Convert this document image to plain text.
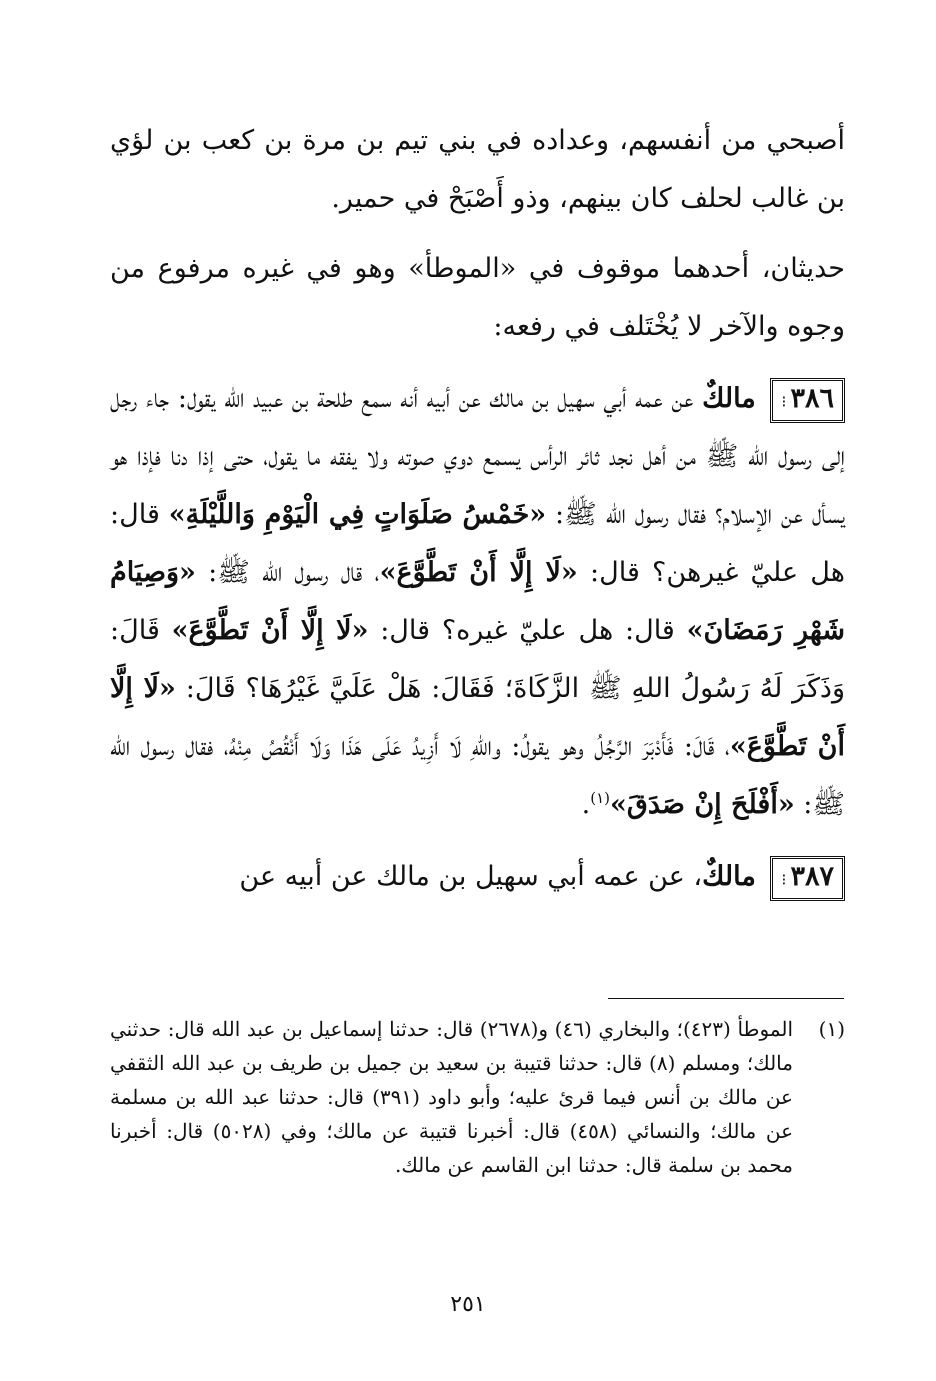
أصبحي من أنفسهم، وعداده في بني تيم بن مرة بن كعب بن لؤي بن غالب لحلف كان بينهم، وذو أَصْبَحْ في حمير.

حديثان، أحدهما موقوف في «الموطأ» وهو في غيره مرفوع من وجوه والآخر لا يُخْتَلف في رفعه:

٣٨٦⁝ مالكٌ عن عمه أبي سهيل بن مالك عن أبيه أنه سمع طلحة بن عبيد الله يقول: جاء رجل إلى رسول الله ﷺ من أهل نجد ثائر الرأس يسمع دوي صوته ولا يفقه ما يقول، حتى إذا دنا فإذا هو يسأل عن الإسلام؟ فقال رسول الله ﷺ: «خَمْسُ صَلَوَاتٍ فِي الْيَوْمِ وَاللَّيْلَةِ» قال: هل عليّ غيرهن؟ قال: «لَا إِلَّا أَنْ تَطَّوَّعَ»، قال رسول الله ﷺ: «وَصِيَامُ شَهْرِ رَمَضَانَ» قال: هل عليّ غيره؟ قال: «لَا إِلَّا أَنْ تَطَّوَّعَ» قَالَ: وَذَكَرَ لَهُ رَسُولُ اللهِ ﷺ الزَّكَاةَ؛ فَقَالَ: هَلْ عَلَيَّ غَيْرُهَا؟ قَالَ: «لَا إِلَّا أَنْ تَطَّوَّعَ»، قَالَ: فَأَدْبَرَ الرَّجُلُ وهو يقولُ: واللهِ لَا أَزِيدُ عَلَى هَذَا وَلَا أَنْقُصُ مِنْهُ، فقال رسول الله ﷺ: «أَفْلَحَ إِنْ صَدَقَ»$^{(١)}$.

٣٨٧⁝ مالكٌ، عن عمه أبي سهيل بن مالك عن أبيه عن

(١)
الموطأ (٤٢٣)؛ والبخاري (٤٦) و(٢٦٧٨) قال: حدثنا إسماعيل بن عبد الله قال: حدثني مالك؛ ومسلم (٨) قال: حدثنا قتيبة بن سعيد بن جميل بن طريف بن عبد الله الثقفي عن مالك بن أنس فيما قرئ عليه؛ وأبو داود (٣٩١) قال: حدثنا عبد الله بن مسلمة عن مالك؛ والنسائي (٤٥٨) قال: أخبرنا قتيبة عن مالك؛ وفي (٥٠٢٨) قال: أخبرنا محمد بن سلمة قال: حدثنا ابن القاسم عن مالك.
٢٥١
